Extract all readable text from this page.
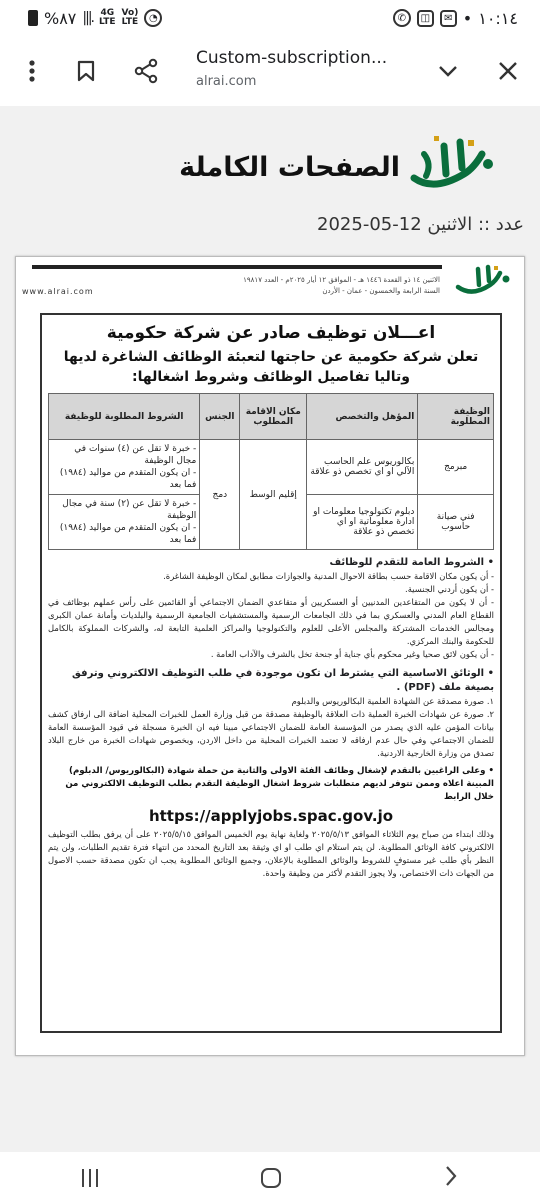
%٨٧ |||. 4G
LTE
Vo)
LTE	◔	✆	◫	✉ • ١٠:١٤
Custom-subscription...
alrai.com
الصفحات الكاملة
عدد :: الاثنين 12-05-2025
الاثنين ١٤ ذو القعدة ١٤٤٦ هـ - الموافق ١٢ أيار ٢٠٢٥م - العدد ١٩٨١٧
السنة الرابعة والخمسون - عمان - الأردن
www.alrai.com
اعـــلان توظيف صادر عن شركة حكومية
تعلن شركة حكومية عن حاجتها لتعبئة الوظائف الشاغرة لديها وتاليا تفاصيل الوظائف وشروط اشغالها:
الوظيفة المطلوبة	المؤهل والتخصص	مكان الاقامة المطلوب	الجنس	الشروط المطلوبة للوظيفة
مبرمج	بكالوريوس علم الحاسب الآلي او اي تخصص ذو علاقة	إقليم الوسط	دمج	- خبرة لا تقل عن (٤) سنوات في مجال الوظيفة
- ان يكون المتقدم من مواليد (١٩٨٤) فما بعد

فني صيانة حاسوب	دبلوم تكنولوجيا معلومات او ادارة معلوماتية او اي تخصص ذو علاقة			- خبرة لا تقل عن (٢) سنة في مجال الوظيفة
- ان يكون المتقدم من مواليد (١٩٨٤) فما بعد
• الشروط العامة للتقدم للوظائف
- أن يكون مكان الاقامة حسب بطاقة الاحوال المدنية والجوازات مطابق لمكان الوظيفة الشاغرة.
- أن يكون أردني الجنسية.
- أن لا يكون من المتقاعدين المدنيين أو العسكريين أو متقاعدي الضمان الاجتماعي أو القائمين على رأس عملهم بوظائف في القطاع العام المدني والعسكري بما في ذلك الجامعات الرسمية والمستشفيات الجامعية الرسمية والبلديات وأمانة عمان الكبرى ومجالس الخدمات المشتركة والمجلس الأعلى للعلوم والتكنولوجيا والمراكز العلمية التابعة له، والشركات المملوكة بالكامل للحكومة والبنك المركزي.
- أن يكون لائق صحيا وغير محكوم بأي جناية أو جنحة تخل بالشرف والآداب العامة .
• الوثائق الاساسية التي يشترط ان تكون موجودة في طلب التوظيف الالكتروني وترفق بصيغة ملف (PDF) .
١. صورة مصدقة عن الشهادة العلمية البكالوريوس والدبلوم
٢. صورة عن شهادات الخبرة العملية ذات العلاقة بالوظيفة مصدقة من قبل وزارة العمل للخبرات المحلية اضافة الى ارفاق كشف بيانات المؤمن عليه الذي يصدر من المؤسسة العامة للضمان الاجتماعي مبينا فيه ان الخبرة مسجلة في قيود المؤسسة العامة للضمان الاجتماعي وفي حال عدم ارفاقه لا تعتمد الخبرات المحلية من داخل الاردن، وبخصوص شهادات الخبرة من خارج البلاد تصدق من وزارة الخارجية الاردنية.
• وعلى الراغبين بالتقدم لإشغال وظائف الفئة الاولى والثانية من حملة شهادة (البكالوريوس/ الدبلوم) المبينة اعلاه وممن تتوفر لديهم متطلبات شروط اشغال الوظيفة التقدم بطلب التوظيف الالكتروني من خلال الرابط
https://applyjobs.spac.gov.jo
وذلك ابتداء من صباح يوم الثلاثاء الموافق ٢٠٢٥/٥/١٣ ولغاية نهاية يوم الخميس الموافق ٢٠٢٥/٥/١٥ على أن يرفق بطلب التوظيف الالكتروني كافة الوثائق المطلوبة. لن يتم استلام اي طلب او اي وثيقة بعد التاريخ المحدد من انتهاء فترة تقديم الطلبات، ولن يتم النظر بأي طلب غير مستوفٍ للشروط والوثائق المطلوبة بالإعلان، وجميع الوثائق المطلوبة يجب ان تكون مصدقة حسب الاصول من الجهات ذات الاختصاص، ولا يجوز التقدم لأكثر من وظيفة واحدة.
